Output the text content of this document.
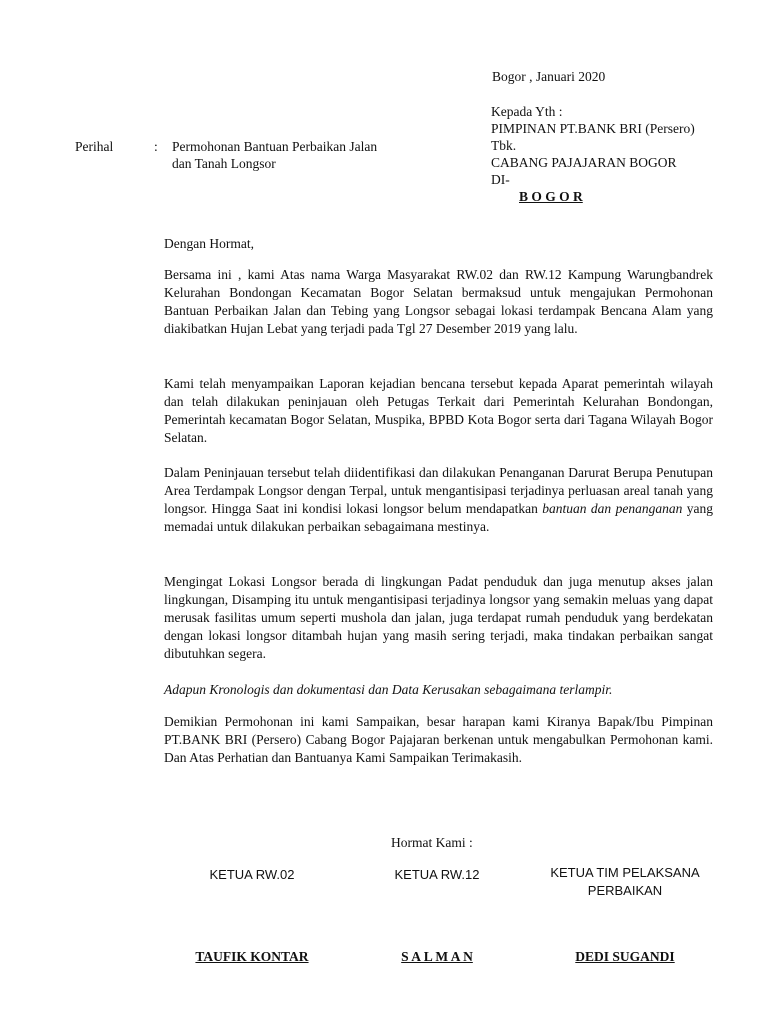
Bogor , Januari 2020
Kepada Yth :
PIMPINAN PT.BANK BRI (Persero)
Tbk.
CABANG PAJAJARAN BOGOR
DI-
B O G O R
Perihal	: Permohonan Bantuan Perbaikan Jalan
dan Tanah Longsor
Dengan Hormat,
Bersama ini , kami Atas nama Warga Masyarakat RW.02 dan RW.12 Kampung Warungbandrek Kelurahan Bondongan Kecamatan Bogor Selatan bermaksud untuk mengajukan Permohonan Bantuan Perbaikan Jalan dan Tebing yang Longsor sebagai lokasi terdampak Bencana Alam yang diakibatkan Hujan Lebat yang terjadi pada Tgl 27 Desember 2019 yang lalu.
Kami telah menyampaikan Laporan kejadian bencana tersebut kepada Aparat pemerintah wilayah dan telah dilakukan peninjauan oleh Petugas Terkait dari Pemerintah Kelurahan Bondongan, Pemerintah kecamatan Bogor Selatan, Muspika, BPBD Kota Bogor serta dari Tagana Wilayah Bogor Selatan.
Dalam Peninjauan tersebut telah diidentifikasi dan dilakukan Penanganan Darurat Berupa Penutupan Area Terdampak Longsor dengan Terpal, untuk mengantisipasi terjadinya perluasan areal tanah yang longsor. Hingga Saat ini kondisi lokasi longsor belum mendapatkan bantuan dan penanganan yang memadai untuk dilakukan perbaikan sebagaimana mestinya.
Mengingat Lokasi Longsor berada di lingkungan Padat penduduk dan juga menutup akses jalan lingkungan, Disamping itu untuk mengantisipasi terjadinya longsor yang semakin meluas yang dapat merusak fasilitas umum seperti mushola dan jalan, juga terdapat rumah penduduk yang berdekatan dengan lokasi longsor ditambah hujan yang masih sering terjadi, maka tindakan perbaikan sangat dibutuhkan segera.
Adapun Kronologis dan dokumentasi dan Data Kerusakan sebagaimana terlampir.
Demikian Permohonan ini kami Sampaikan, besar harapan kami Kiranya Bapak/Ibu Pimpinan PT.BANK BRI (Persero) Cabang Bogor Pajajaran berkenan untuk mengabulkan Permohonan kami. Dan Atas Perhatian dan Bantuanya Kami Sampaikan Terimakasih.
Hormat Kami :
KETUA RW.02	KETUA RW.12	KETUA TIM PELAKSANA
PERBAIKAN
TAUFIK KONTAR	S A L M A N	DEDI SUGANDI
